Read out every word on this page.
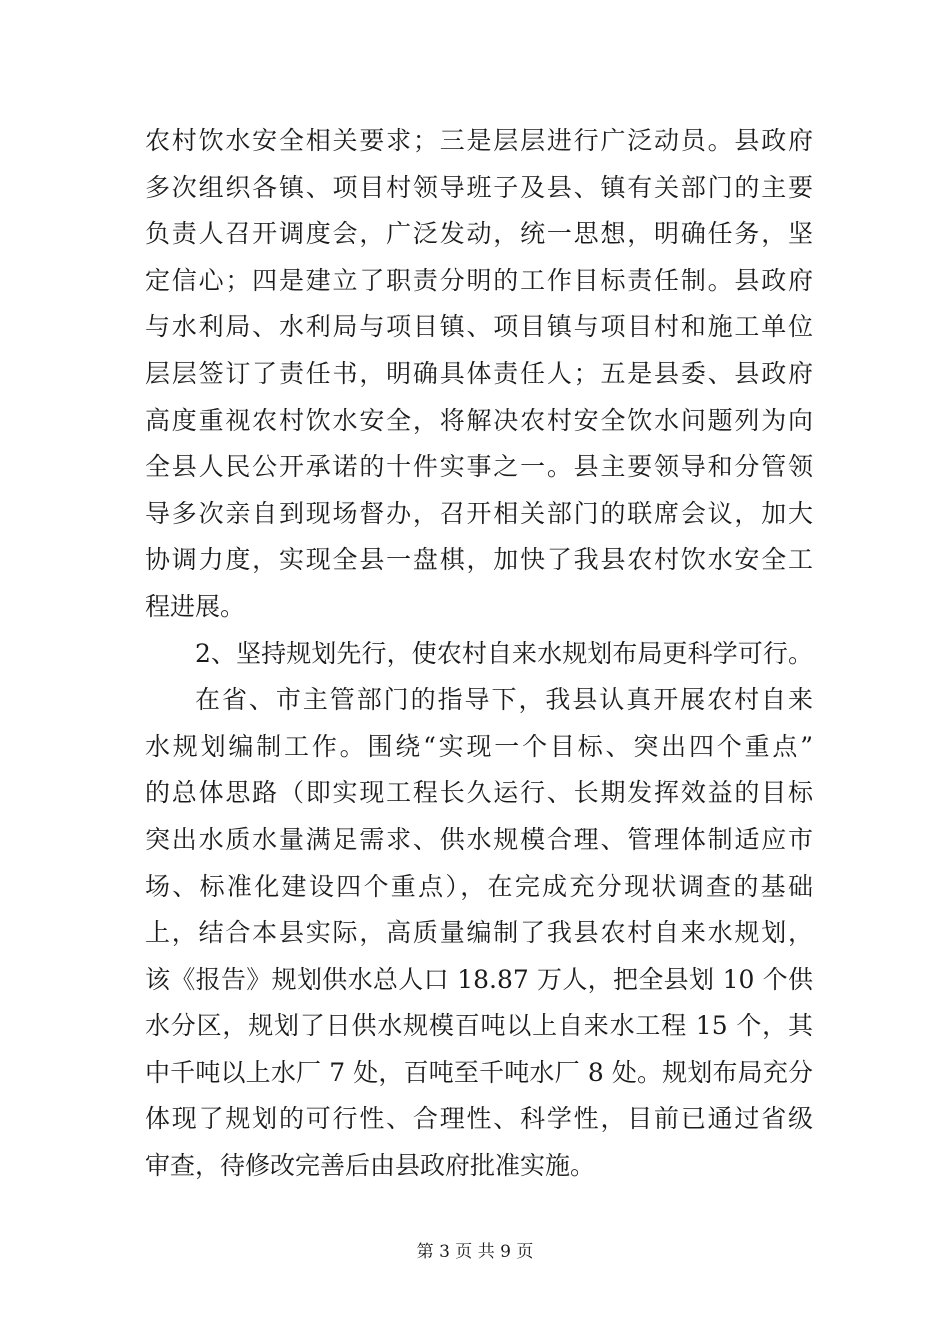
农村饮水安全相关要求；三是层层进行广泛动员。县政府
多次组织各镇、项目村领导班子及县、镇有关部门的主要
负责人召开调度会，广泛发动，统一思想，明确任务，坚
定信心；四是建立了职责分明的工作目标责任制。县政府
与水利局、水利局与项目镇、项目镇与项目村和施工单位
层层签订了责任书，明确具体责任人；五是县委、县政府
高度重视农村饮水安全，将解决农村安全饮水问题列为向
全县人民公开承诺的十件实事之一。县主要领导和分管领
导多次亲自到现场督办，召开相关部门的联席会议，加大
协调力度，实现全县一盘棋，加快了我县农村饮水安全工
程进展。
2、坚持规划先行，使农村自来水规划布局更科学可行。
在省、市主管部门的指导下，我县认真开展农村自来
水规划编制工作。围绕“实现一个目标、突出四个重点”
的总体思路（即实现工程长久运行、长期发挥效益的目标
突出水质水量满足需求、供水规模合理、管理体制适应市
场、标准化建设四个重点），在完成充分现状调查的基础
上，结合本县实际，高质量编制了我县农村自来水规划，
该《报告》规划供水总人口 18.87 万人，把全县划 10 个供
水分区，规划了日供水规模百吨以上自来水工程 15 个，其
中千吨以上水厂 7 处，百吨至千吨水厂 8 处。规划布局充分
体现了规划的可行性、合理性、科学性，目前已通过省级
审查，待修改完善后由县政府批准实施。
第 3 页 共 9 页
